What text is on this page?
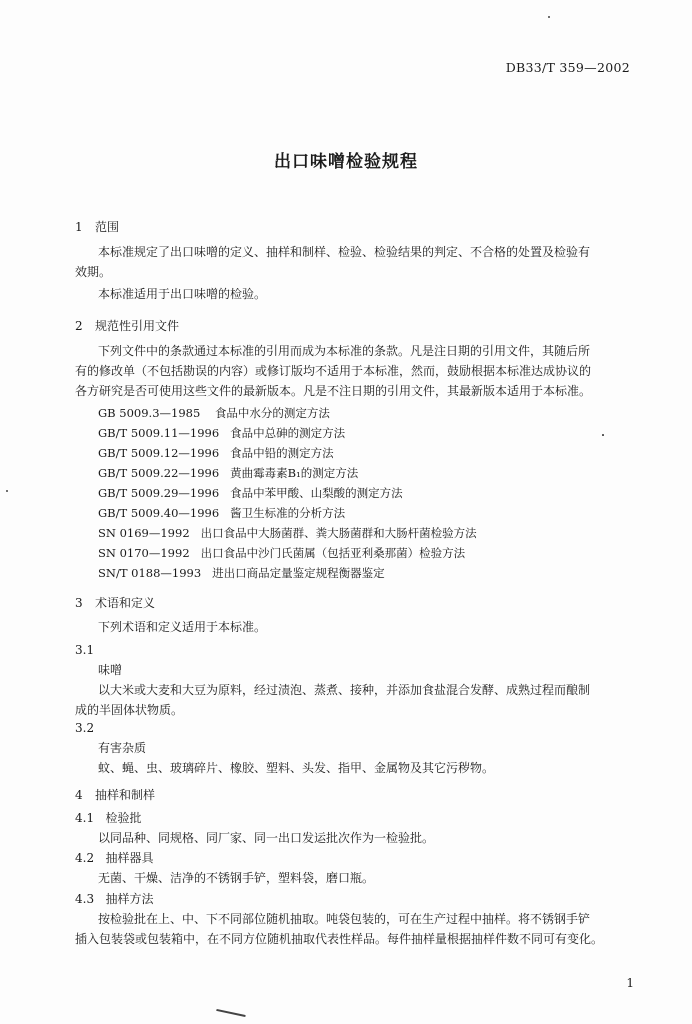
DB33/T 359—2002
出口味噌检验规程
1 范围
本标准规定了出口味噌的定义、抽样和制样、检验、检验结果的判定、不合格的处置及检验有
效期。
本标准适用于出口味噌的检验。
2 规范性引用文件
下列文件中的条款通过本标准的引用而成为本标准的条款。凡是注日期的引用文件，其随后所
有的修改单（不包括勘误的内容）或修订版均不适用于本标准，然而，鼓励根据本标准达成协议的
各方研究是否可使用这些文件的最新版本。凡是不注日期的引用文件，其最新版本适用于本标准。
GB 5009.3—1985 食品中水分的测定方法
GB/T 5009.11—1996 食品中总砷的测定方法
GB/T 5009.12—1996 食品中铅的测定方法
GB/T 5009.22—1996 黄曲霉毒素B₁的测定方法
GB/T 5009.29—1996 食品中苯甲酸、山梨酸的测定方法
GB/T 5009.40—1996 酱卫生标准的分析方法
SN 0169—1992 出口食品中大肠菌群、粪大肠菌群和大肠杆菌检验方法
SN 0170—1992 出口食品中沙门氏菌属（包括亚利桑那菌）检验方法
SN/T 0188—1993 进出口商品定量鉴定规程衡器鉴定
3 术语和定义
下列术语和定义适用于本标准。
3.1
味噌
以大米或大麦和大豆为原料，经过渍泡、蒸煮、接种，并添加食盐混合发酵、成熟过程而酿制
成的半固体状物质。
3.2
有害杂质
蚊、蝇、虫、玻璃碎片、橡胶、塑料、头发、指甲、金属物及其它污秽物。
4 抽样和制样
4.1 检验批
以同品种、同规格、同厂家、同一出口发运批次作为一检验批。
4.2 抽样器具
无菌、干燥、洁净的不锈钢手铲，塑料袋，磨口瓶。
4.3 抽样方法
按检验批在上、中、下不同部位随机抽取。吨袋包装的，可在生产过程中抽样。将不锈钢手铲
插入包装袋或包装箱中，在不同方位随机抽取代表性样品。每件抽样量根据抽样件数不同可有变化。
1
